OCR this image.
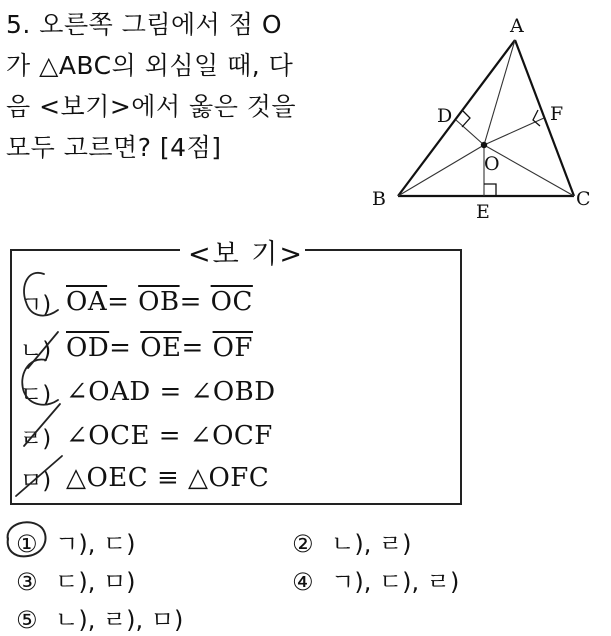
5. 오른쪽 그림에서 점 O
가 △ABC의 외심일 때, 다
음 <보기>에서 옳은 것을
모두 고르면? [4점]
A
B	C
D
E
F
O
<보 기>
ㄱ) $\overline{OA}= \overline{OB}= \overline{OC}$
ㄴ) $\overline{OD}= \overline{OE}= \overline{OF}$
ㄷ) ∠OAD = ∠OBD
ㄹ) ∠OCE = ∠OCF
ㅁ) △OEC ≡ △OFC
① ㄱ), ㄷ)	② ㄴ), ㄹ)
③ ㄷ), ㅁ)	④ ㄱ), ㄷ), ㄹ)
⑤ ㄴ), ㄹ), ㅁ)
